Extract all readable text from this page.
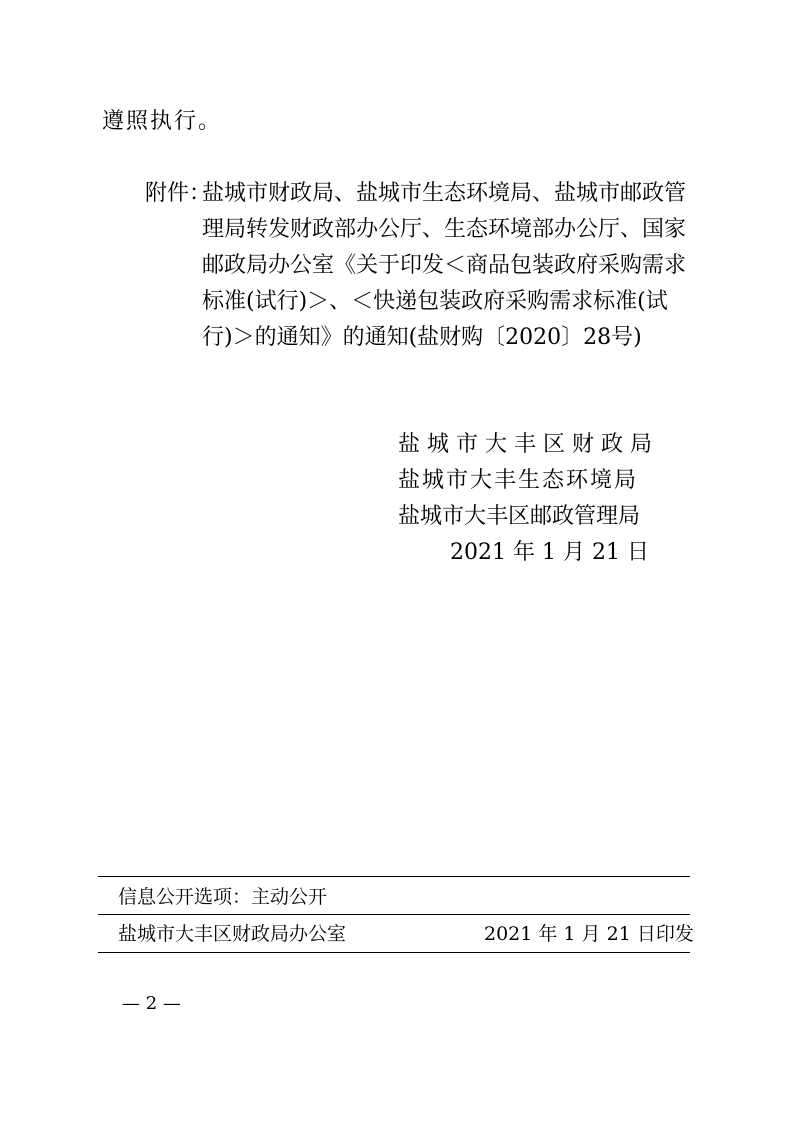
遵照执行。
附件：
盐城市财政局、盐城市生态环境局、盐城市邮政管
理局转发财政部办公厅、生态环境部办公厅、国家
邮政局办公室《关于印发＜商品包装政府采购需求
标准(试行)＞、＜快递包装政府采购需求标准(试
行)＞的通知》的通知(盐财购〔2020〕28号)
盐 城 市 大 丰 区 财 政 局
盐城市大丰生态环境局
盐城市大丰区邮政管理局
2021 年 1 月 21 日
信息公开选项：主动公开
盐城市大丰区财政局办公室	2021 年 1 月 21 日印发
— 2 —
